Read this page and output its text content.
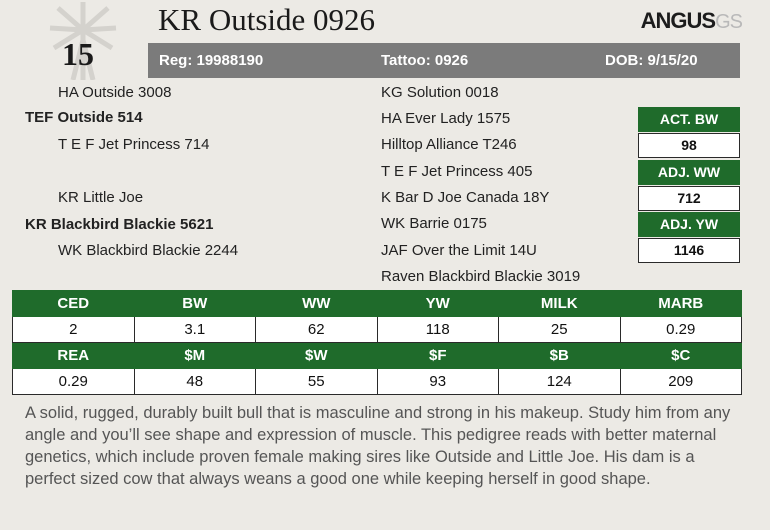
15
KR Outside 0926	ANGUSGS
Reg: 19988190	Tattoo: 0926	DOB: 9/15/20
HA Outside 3008
TEF Outside 514
T E F Jet Princess 714
KR Little Joe
KR Blackbird Blackie 5621
WK Blackbird Blackie 2244
KG Solution 0018
HA Ever Lady 1575
Hilltop Alliance T246
T E F Jet Princess 405
K Bar D Joe Canada 18Y
WK Barrie 0175
JAF Over the Limit 14U
Raven Blackbird Blackie 3019
ACT. BW
98
ADJ. WW
712
ADJ. YW
1146
CED	BW	WW	YW	MILK	MARB
2	3.1	62	118	25	0.29
REA	$M	$W	$F	$B	$C
0.29	48	55	93	124	209
A solid, rugged, durably built bull that is masculine and strong in his makeup. Study him from any angle and you’ll see shape and expression of muscle. This pedigree reads with better maternal genetics, which include proven female making sires like Outside and Little Joe. His dam is a perfect sized cow that always weans a good one while keeping herself in good shape.
